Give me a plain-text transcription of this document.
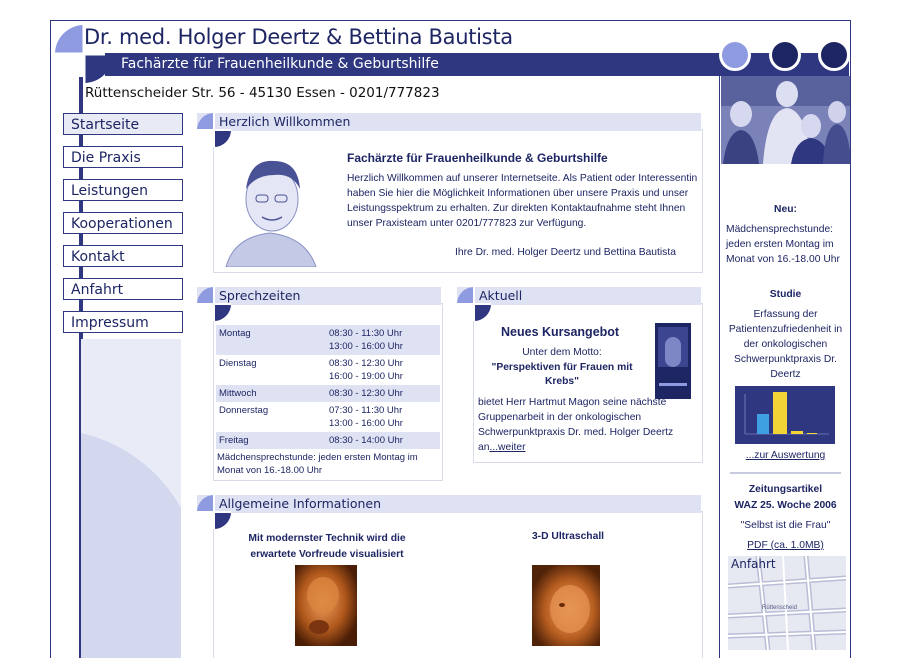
Dr. med. Holger Deertz & Bettina Bautista
Fachärzte für Frauenheilkunde & Geburtshilfe
Rüttenscheider Str. 56 - 45130 Essen - 0201/777823
Startseite
Die Praxis
Leistungen
Kooperationen
Kontakt
Anfahrt
Impressum
Herzlich Willkommen
Fachärzte für Frauenheilkunde & Geburtshilfe
Herzlich Willkommen auf unserer Internetseite. Als Patient oder Interessentin haben Sie hier die Möglichkeit Informationen über unsere Praxis und unser Leistungsspektrum zu erhalten. Zur direkten Kontaktaufnahme steht Ihnen unser Praxisteam unter 0201/777823 zur Verfügung.
Ihre Dr. med. Holger Deertz und Bettina Bautista
Sprechzeiten
Montag	08:30 - 11:30 Uhr
13:00 - 16:00 Uhr

Dienstag	08:30 - 12:30 Uhr
16:00 - 19:00 Uhr

Mittwoch	08:30 - 12:30 Uhr
Donnerstag	07:30 - 11:30 Uhr
13:00 - 16:00 Uhr

Freitag	08:30 - 14:00 Uhr
Mädchensprechstunde: jeden ersten Montag im Monat von 16.-18.00 Uhr
Aktuell
Neues Kursangebot
Unter dem Motto:
"Perspektiven für Frauen mit Krebs"
bietet Herr Hartmut Magon seine nächste Gruppenarbeit in der onkologischen Schwerpunktpraxis Dr. med. Holger Deertz an...weiter
Allgemeine Informationen
Mit modernster Technik wird die erwartete Vorfreude visualisiert
3-D Ultraschall
Neu:
Mädchensprechstunde: jeden ersten Montag im Monat von 16.-18.00 Uhr
Studie
Erfassung der Patientenzufriedenheit in der onkologischen Schwerpunktpraxis Dr. Deertz
...zur Auswertung
Zeitungsartikel
WAZ 25. Woche 2006
"Selbst ist die Frau"
PDF (ca. 1.0MB)
Anfahrt
Rüttenscheid
